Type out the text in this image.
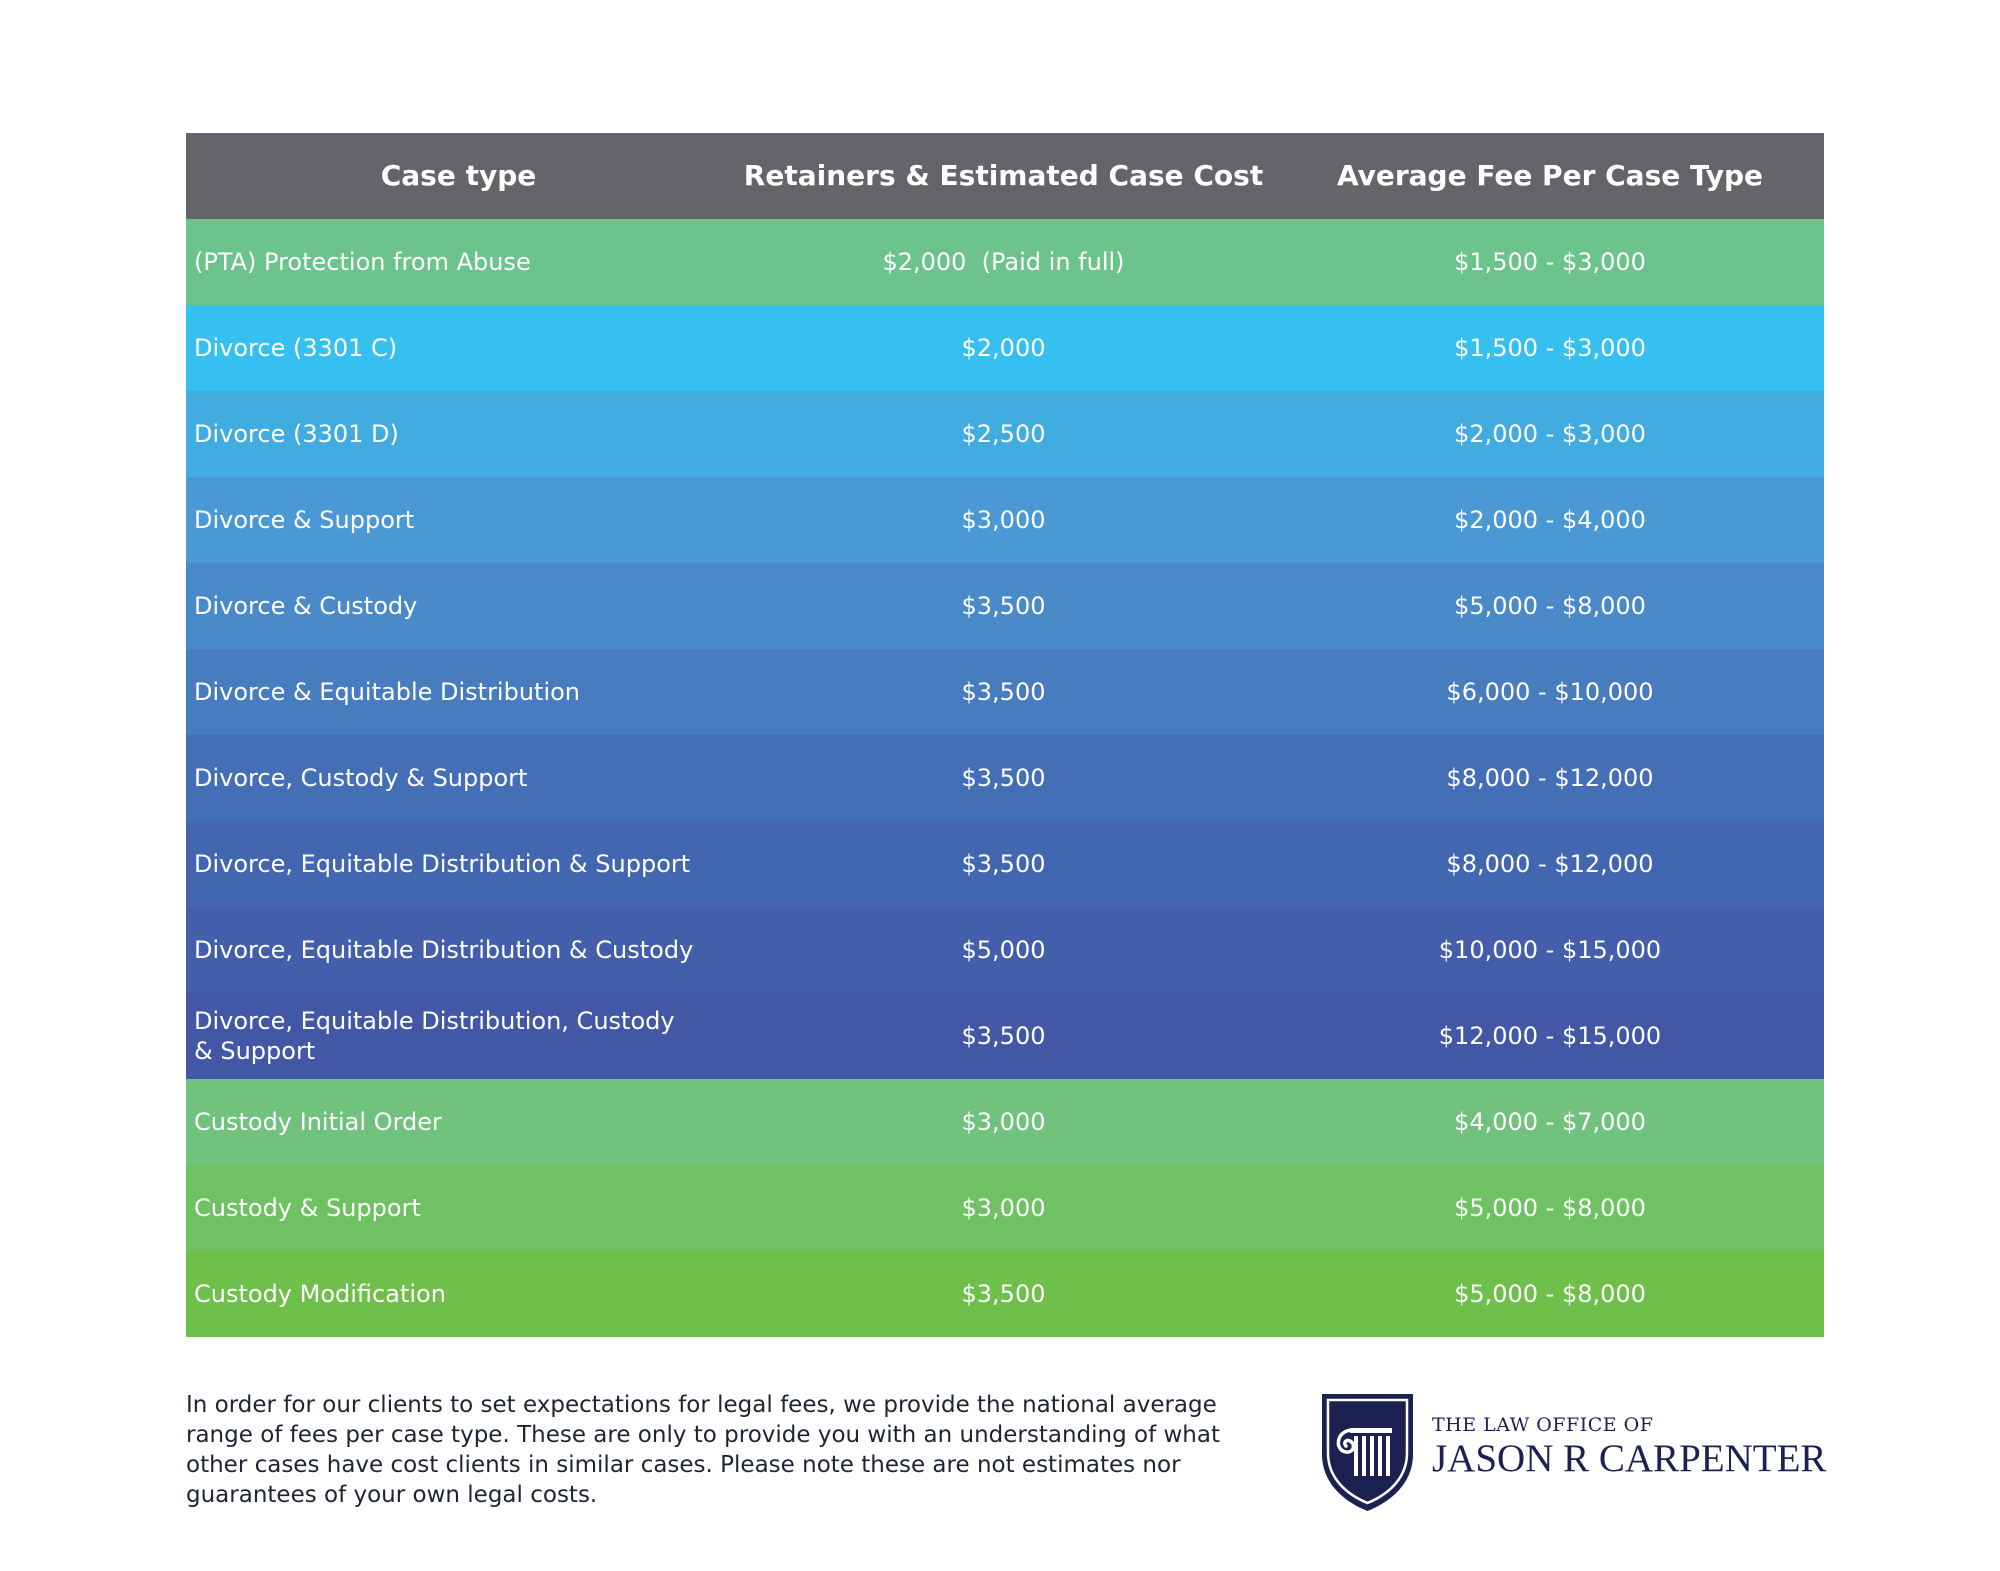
Case type	Retainers & Estimated Case Cost	Average Fee Per Case Type
(PTA) Protection from Abuse	$2,000  (Paid in full)	$1,500 - $3,000
Divorce (3301 C)	$2,000	$1,500 - $3,000
Divorce (3301 D)	$2,500	$2,000 - $3,000
Divorce & Support	$3,000	$2,000 - $4,000
Divorce & Custody	$3,500	$5,000 - $8,000
Divorce & Equitable Distribution	$3,500	$6,000 - $10,000
Divorce, Custody & Support	$3,500	$8,000 - $12,000
Divorce, Equitable Distribution & Support	$3,500	$8,000 - $12,000
Divorce, Equitable Distribution & Custody	$5,000	$10,000 - $15,000
Divorce, Equitable Distribution, Custody
& Support
$3,500	$12,000 - $15,000
Custody Initial Order	$3,000	$4,000 - $7,000
Custody & Support	$3,000	$5,000 - $8,000
Custody Modification	$3,500	$5,000 - $8,000
In order for our clients to set expectations for legal fees, we provide the national average range of fees per case type. These are only to provide you with an understanding of what other cases have cost clients in similar cases. Please note these are not estimates nor guarantees of your own legal costs.
THE LAW OFFICE OF
JASON R CARPENTER
